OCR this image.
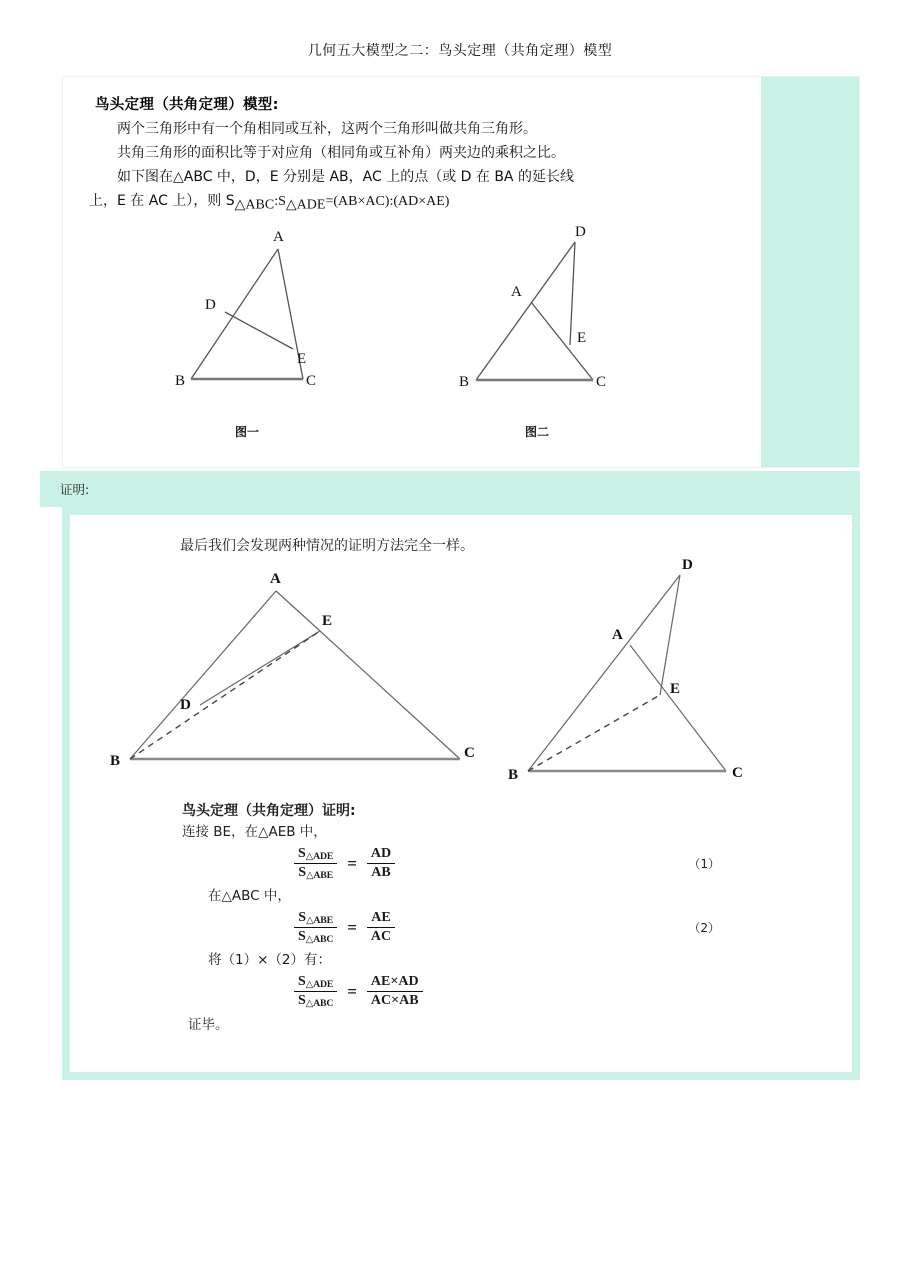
几何五大模型之二：鸟头定理（共角定理）模型
鸟头定理（共角定理）模型:

两个三角形中有一个角相同或互补，这两个三角形叫做共角三角形。

共角三角形的面积比等于对应角（相同角或互补角）两夹边的乘积之比。

如下图在△ABC 中，D，E 分别是 AB，AC 上的点（或 D 在 BA 的延长线

上，E 在 AC 上），则 S△ABC:S△ADE=(AB×AC):(AD×AE)

A
D
E
B	C
图一
D
A
E
B	C
图二
证明:
最后我们会发现两种情况的证明方法完全一样。
A
E
D
B	C
D
A
E
B	C
鸟头定理（共角定理）证明:
连接 BE，在△AEB 中，
$\frac{\text{S△ADE}}{\text{S△ABE}} = \frac{AD}{AB}$	（1）
在△ABC 中，
$\frac{\text{S△ABE}}{\text{S△ABC}} = \frac{AE}{AC}$	（2）
将（1）×（2）有：
$\frac{\text{S△ADE}}{\text{S△ABC}} = \frac{AE\times AD}{AC\times AB}$
证毕。
